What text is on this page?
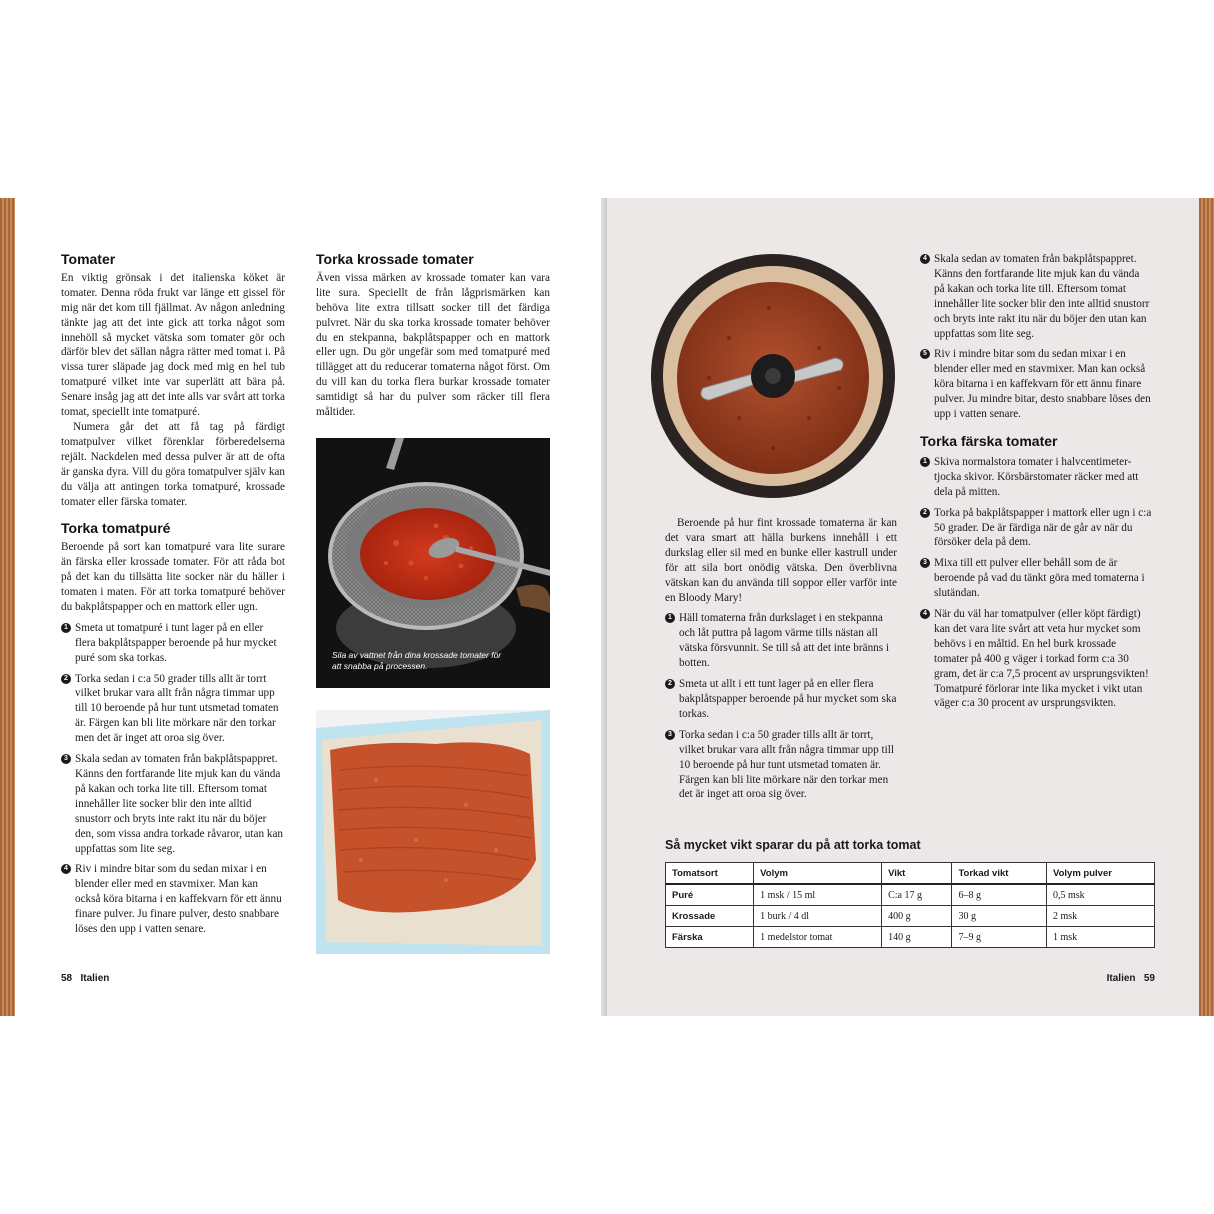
Tomater

En viktig grönsak i det italienska köket är tomater. Denna röda frukt var länge ett gissel för mig när det kom till fjällmat. Av någon anledning tänkte jag att det inte gick att torka något som innehöll så mycket vätska som tomater gör och därför blev det sällan några rätter med tomat i. På vissa turer släpade jag dock med mig en hel tub tomatpuré vilket inte var superlätt att bära på. Senare insåg jag att det inte alls var svårt att torka tomat, speciellt inte tomatpuré.

Numera går det att få tag på färdigt tomatpulver vilket förenklar förberedelserna rejält. Nackdelen med dessa pulver är att de ofta är ganska dyra. Vill du göra tomatpulver själv kan du välja att antingen torka tomatpuré, krossade tomater eller färska tomater.

Torka tomatpuré

Beroende på sort kan tomatpuré vara lite surare än färska eller krossade tomater. För att råda bot på det kan du tillsätta lite socker när du häller i tomaten i maten. För att torka tomatpuré behöver du bakplåtspapper och en mattork eller ugn.

1 Smeta ut tomatpuré i tunt lager på en eller flera bakplåtspapper beroende på hur mycket puré som ska torkas.
2 Torka sedan i c:a 50 grader tills allt är torrt vilket brukar vara allt från några timmar upp till 10 beroende på hur tunt utsmetad tomaten är. Färgen kan bli lite mörkare när den torkar men det är inget att oroa sig över.
3 Skala sedan av tomaten från bakplåtspappret. Känns den fortfarande lite mjuk kan du vända på kakan och torka lite till. Eftersom tomat innehåller lite socker blir den inte alltid snustorr och bryts inte rakt itu när du böjer den, som vissa andra torkade råvaror, utan kan uppfattas som lite seg.
4 Riv i mindre bitar som du sedan mixar i en blender eller med en stavmixer. Man kan också köra bitarna i en kaffekvarn för ett ännu finare pulver. Ju finare pulver, desto snabbare löses den upp i vatten senare.
Torka krossade tomater

Även vissa märken av krossade tomater kan vara lite sura. Speciellt de från lågprismärken kan behöva lite extra tillsatt socker till det färdiga pulvret. När du ska torka krossade tomater behöver du en stekpanna, bakplåtspapper och en mattork eller ugn. Du gör ungefär som med tomatpuré med tillägget att du reducerar tomaterna något först. Om du vill kan du torka flera burkar krossade tomater samtidigt så har du pulver som räcker till flera måltider.

Sila av vattnet från dina krossade tomater för att snabba på processen.
58 Italien

Beroende på hur fint krossade tomaterna är kan det vara smart att hälla burkens innehåll i ett durkslag eller sil med en bunke eller kastrull under för att sila bort onödig vätska. Den överblivna vätskan kan du använda till soppor eller varför inte en Bloody Mary!

1 Häll tomaterna från durkslaget i en stekpanna och låt puttra på lagom värme tills nästan all vätska försvunnit. Se till så att det inte bränns i botten.
2 Smeta ut allt i ett tunt lager på en eller flera bakplåtspapper beroende på hur mycket som ska torkas.
3 Torka sedan i c:a 50 grader tills allt är torrt, vilket brukar vara allt från några timmar upp till 10 beroende på hur tunt utsmetad tomaten är. Färgen kan bli lite mörkare när den torkar men det är inget att oroa sig över.
4 Skala sedan av tomaten från bakplåtspappret. Känns den fortfarande lite mjuk kan du vända på kakan och torka lite till. Eftersom tomat innehåller lite socker blir den inte alltid snustorr och bryts inte rakt itu när du böjer den utan kan uppfattas som lite seg.
5 Riv i mindre bitar som du sedan mixar i en blender eller med en stavmixer. Man kan också köra bitarna i en kaffekvarn för ett ännu finare pulver. Ju mindre bitar, desto snabbare löses den upp i vatten senare.
Torka färska tomater
1 Skiva normalstora tomater i halvcentimeter-tjocka skivor. Körsbärstomater räcker med att dela på mitten.
2 Torka på bakplåtspapper i mattork eller ugn i c:a 50 grader. De är färdiga när de går av när du försöker dela på dem.
3 Mixa till ett pulver eller behåll som de är beroende på vad du tänkt göra med tomaterna i slutändan.
4 När du väl har tomatpulver (eller köpt färdigt) kan det vara lite svårt att veta hur mycket som behövs i en måltid. En hel burk krossade tomater på 400 g väger i torkad form c:a 30 gram, det är c:a 7,5 procent av ursprungsvikten! Tomatpuré förlorar inte lika mycket i vikt utan väger c:a 30 procent av ursprungsvikten.
Så mycket vikt sparar du på att torka tomat
Tomatsort	Volym	Vikt	Torkad vikt	Volym pulver
Puré	1 msk / 15 ml	C:a 17 g	6–8 g	0,5 msk
Krossade	1 burk / 4 dl	400 g	30 g	2 msk
Färska	1 medelstor tomat	140 g	7–9 g	1 msk
Italien 59
